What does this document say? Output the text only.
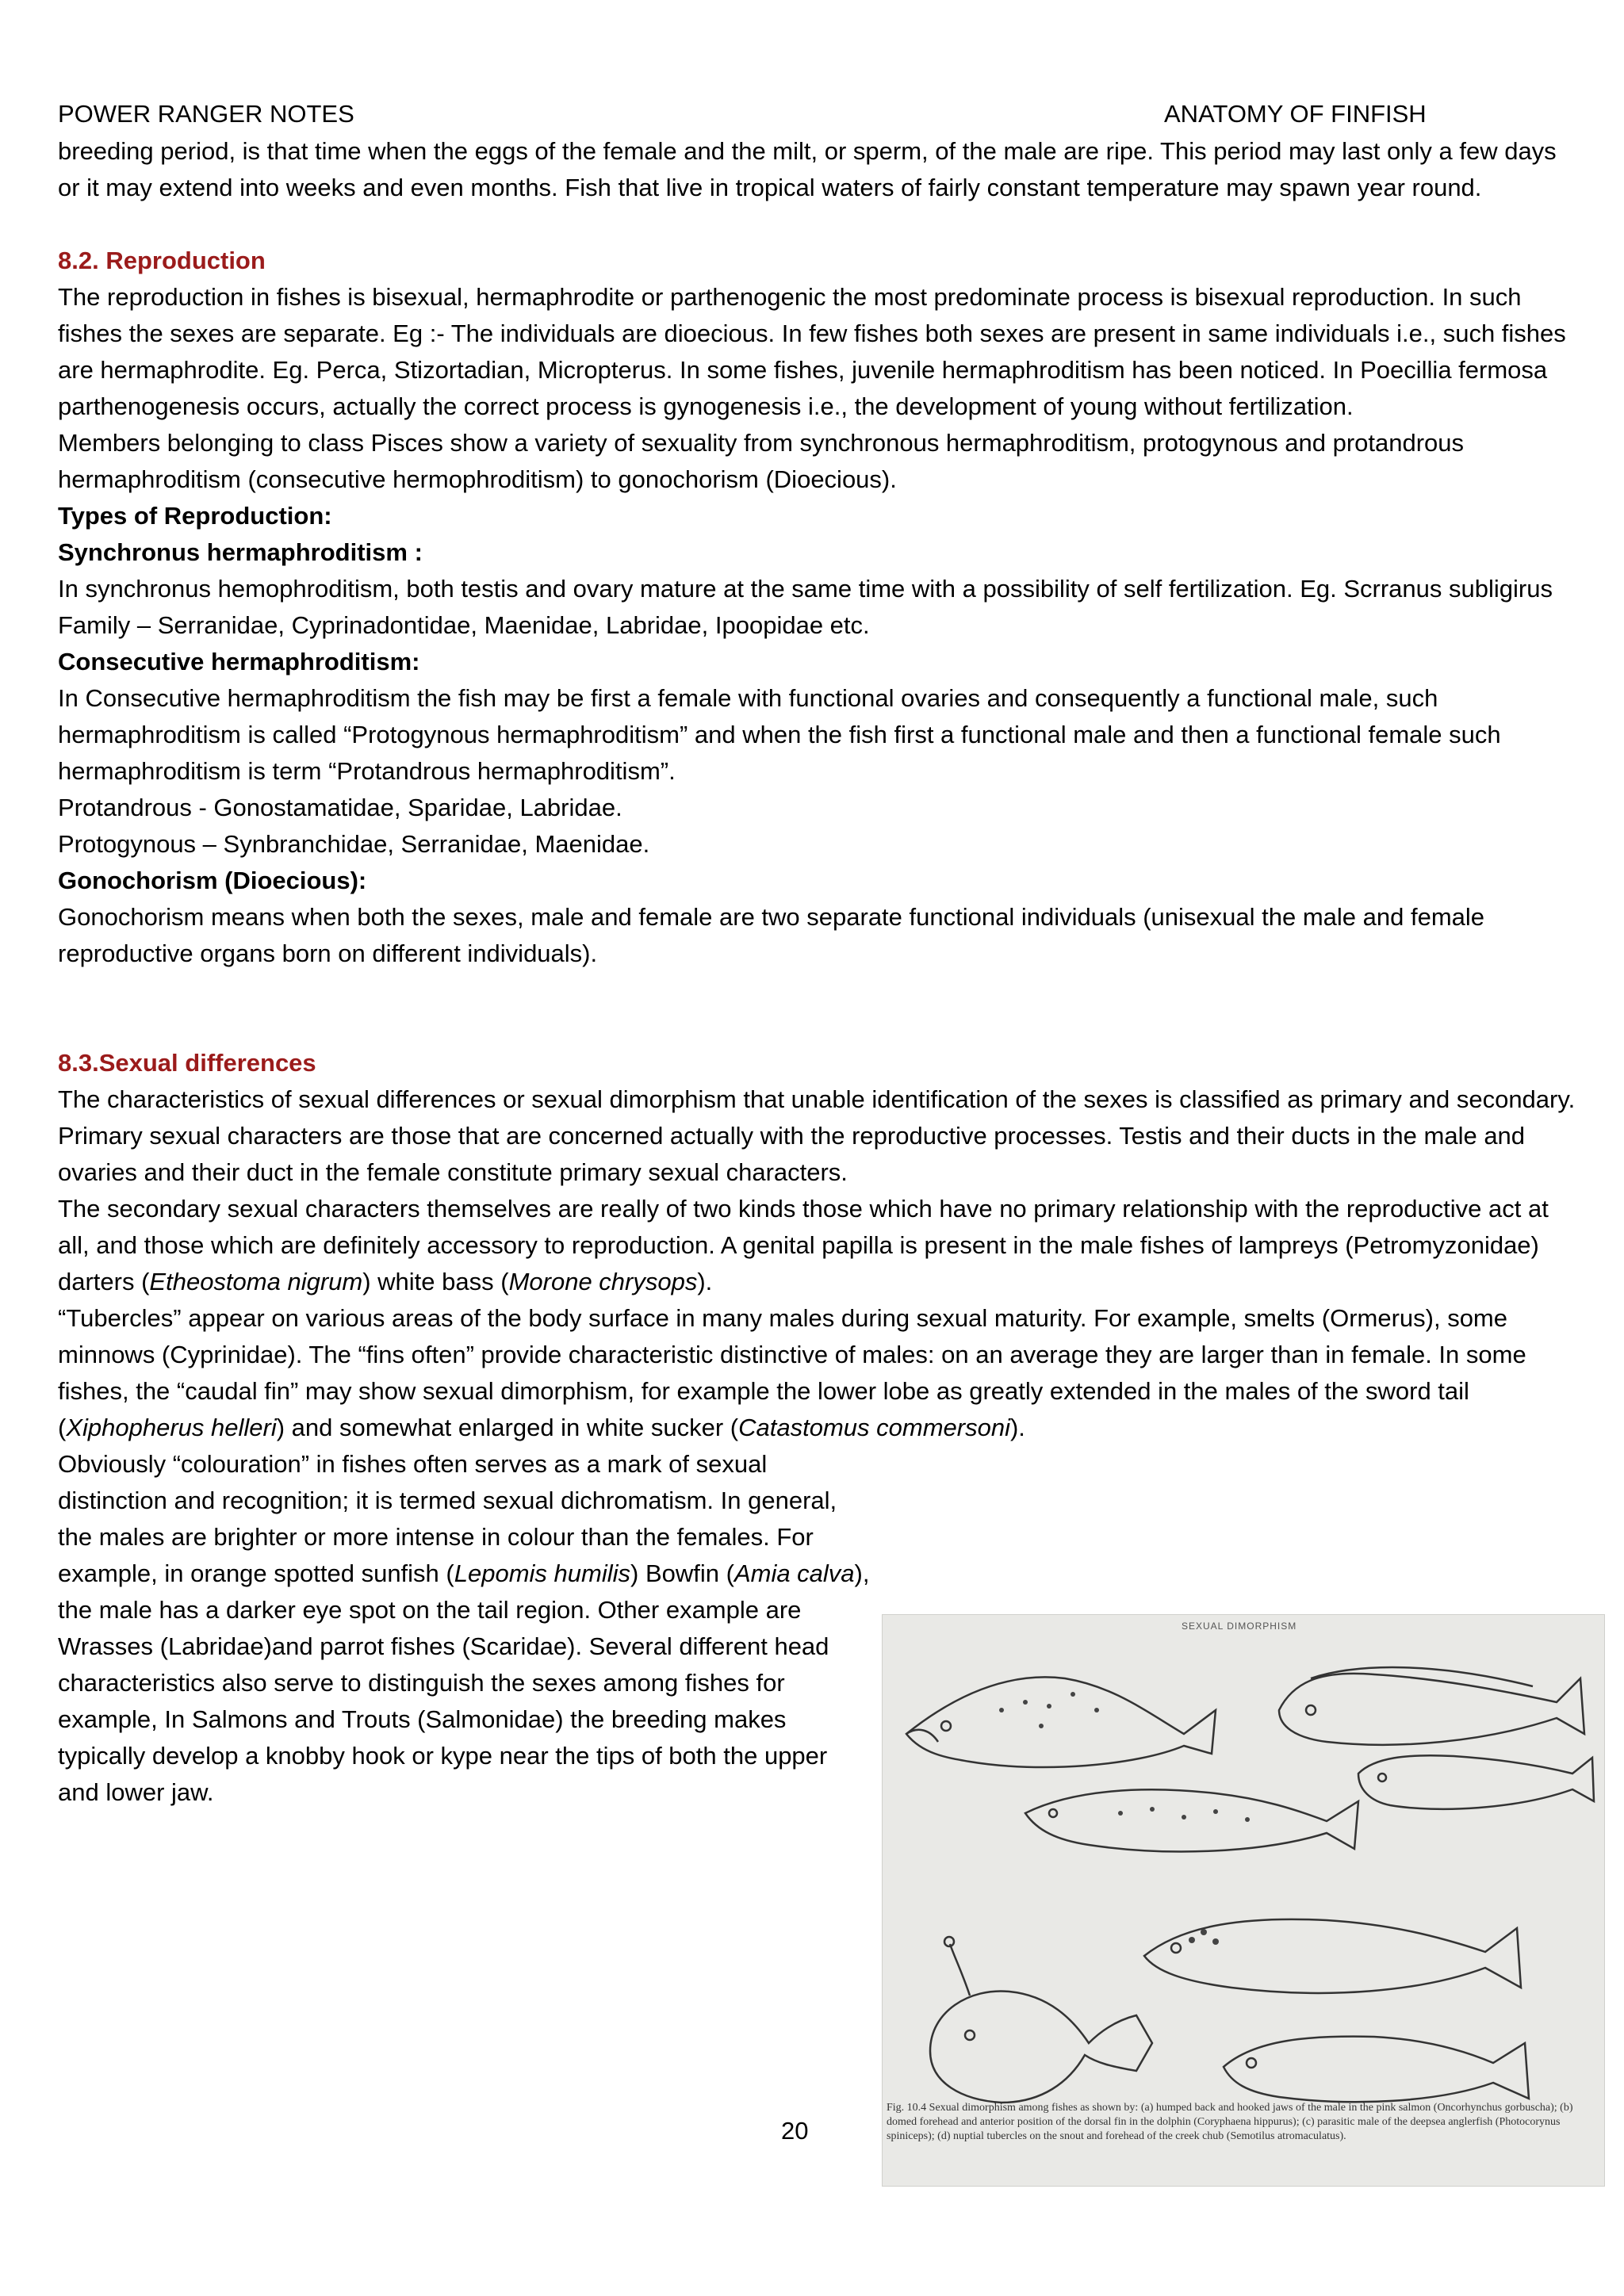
POWER RANGER NOTES	ANATOMY OF FINFISH

breeding period, is that time when the eggs of the female and the milt, or sperm, of the male are ripe. This period may last only a few days or it may extend into weeks and even months. Fish that live in tropical waters of fairly constant temperature may spawn year round.

8.2. Reproduction

The reproduction in fishes is bisexual, hermaphrodite or parthenogenic the most predominate process is bisexual reproduction. In such fishes the sexes are separate. Eg :- The individuals are dioecious. In few fishes both sexes are present in same individuals i.e., such fishes are hermaphrodite. Eg. Perca, Stizortadian, Micropterus. In some fishes, juvenile hermaphroditism has been noticed. In Poecillia fermosa parthenogenesis occurs, actually the correct process is gynogenesis i.e., the development of young without fertilization.

Members belonging to class Pisces show a variety of sexuality from synchronous hermaphroditism, protogynous and protandrous hermaphroditism (consecutive hermophroditism) to gonochorism (Dioecious).

Types of Reproduction:

Synchronus hermaphroditism :

In synchronus hemophroditism, both testis and ovary mature at the same time with a possibility of self fertilization. Eg. Scrranus subligirus

Family – Serranidae, Cyprinadontidae, Maenidae, Labridae, Ipoopidae etc.

Consecutive hermaphroditism:

In Consecutive hermaphroditism the fish may be first a female with functional ovaries and consequently a functional male, such hermaphroditism is called “Protogynous hermaphroditism” and when the fish first a functional male and then a functional female such hermaphroditism is term “Protandrous hermaphroditism”.

Protandrous - Gonostamatidae, Sparidae, Labridae.

Protogynous – Synbranchidae, Serranidae, Maenidae.

Gonochorism (Dioecious):

Gonochorism means when both the sexes, male and female are two separate functional individuals (unisexual the male and female reproductive organs born on different individuals).

8.3.Sexual differences

The characteristics of sexual differences or sexual dimorphism that unable identification of the sexes is classified as primary and secondary. Primary sexual characters are those that are concerned actually with the reproductive processes. Testis and their ducts in the male and ovaries and their duct in the female constitute primary sexual characters.

The secondary sexual characters themselves are really of two kinds those which have no primary relationship with the reproductive act at all, and those which are definitely accessory to reproduction. A genital papilla is present in the male fishes of lampreys (Petromyzonidae) darters (Etheostoma nigrum) white bass (Morone chrysops).

“Tubercles” appear on various areas of the body surface in many males during sexual maturity. For example, smelts (Ormerus), some minnows (Cyprinidae). The “fins often” provide characteristic distinctive of males: on an average they are larger than in female. In some fishes, the “caudal fin” may show sexual dimorphism, for example the lower lobe as greatly extended in the males of the sword tail (Xiphopherus helleri) and somewhat enlarged in white sucker (Catastomus commersoni).

Obviously “colouration” in fishes often serves as a mark of sexual distinction and recognition; it is termed sexual dichromatism. In general, the males are brighter or more intense in colour than the females. For example, in orange spotted sunfish (Lepomis humilis) Bowfin (Amia calva), the male has a darker eye spot on the tail region. Other example are Wrasses (Labridae)and parrot fishes (Scaridae). Several different head characteristics also serve to distinguish the sexes among fishes for example, In Salmons and Trouts (Salmonidae) the breeding makes typically develop a knobby hook or kype near the tips of both the upper and lower jaw.

SEXUAL DIMORPHISM
Fig. 10.4 Sexual dimorphism among fishes as shown by: (a) humped back and hooked jaws of the male in the pink salmon (Oncorhynchus gorbuscha); (b) domed forehead and anterior position of the dorsal fin in the dolphin (Coryphaena hippurus); (c) parasitic male of the deepsea anglerfish (Photocorynus spiniceps); (d) nuptial tubercles on the snout and forehead of the creek chub (Semotilus atromaculatus).
20
